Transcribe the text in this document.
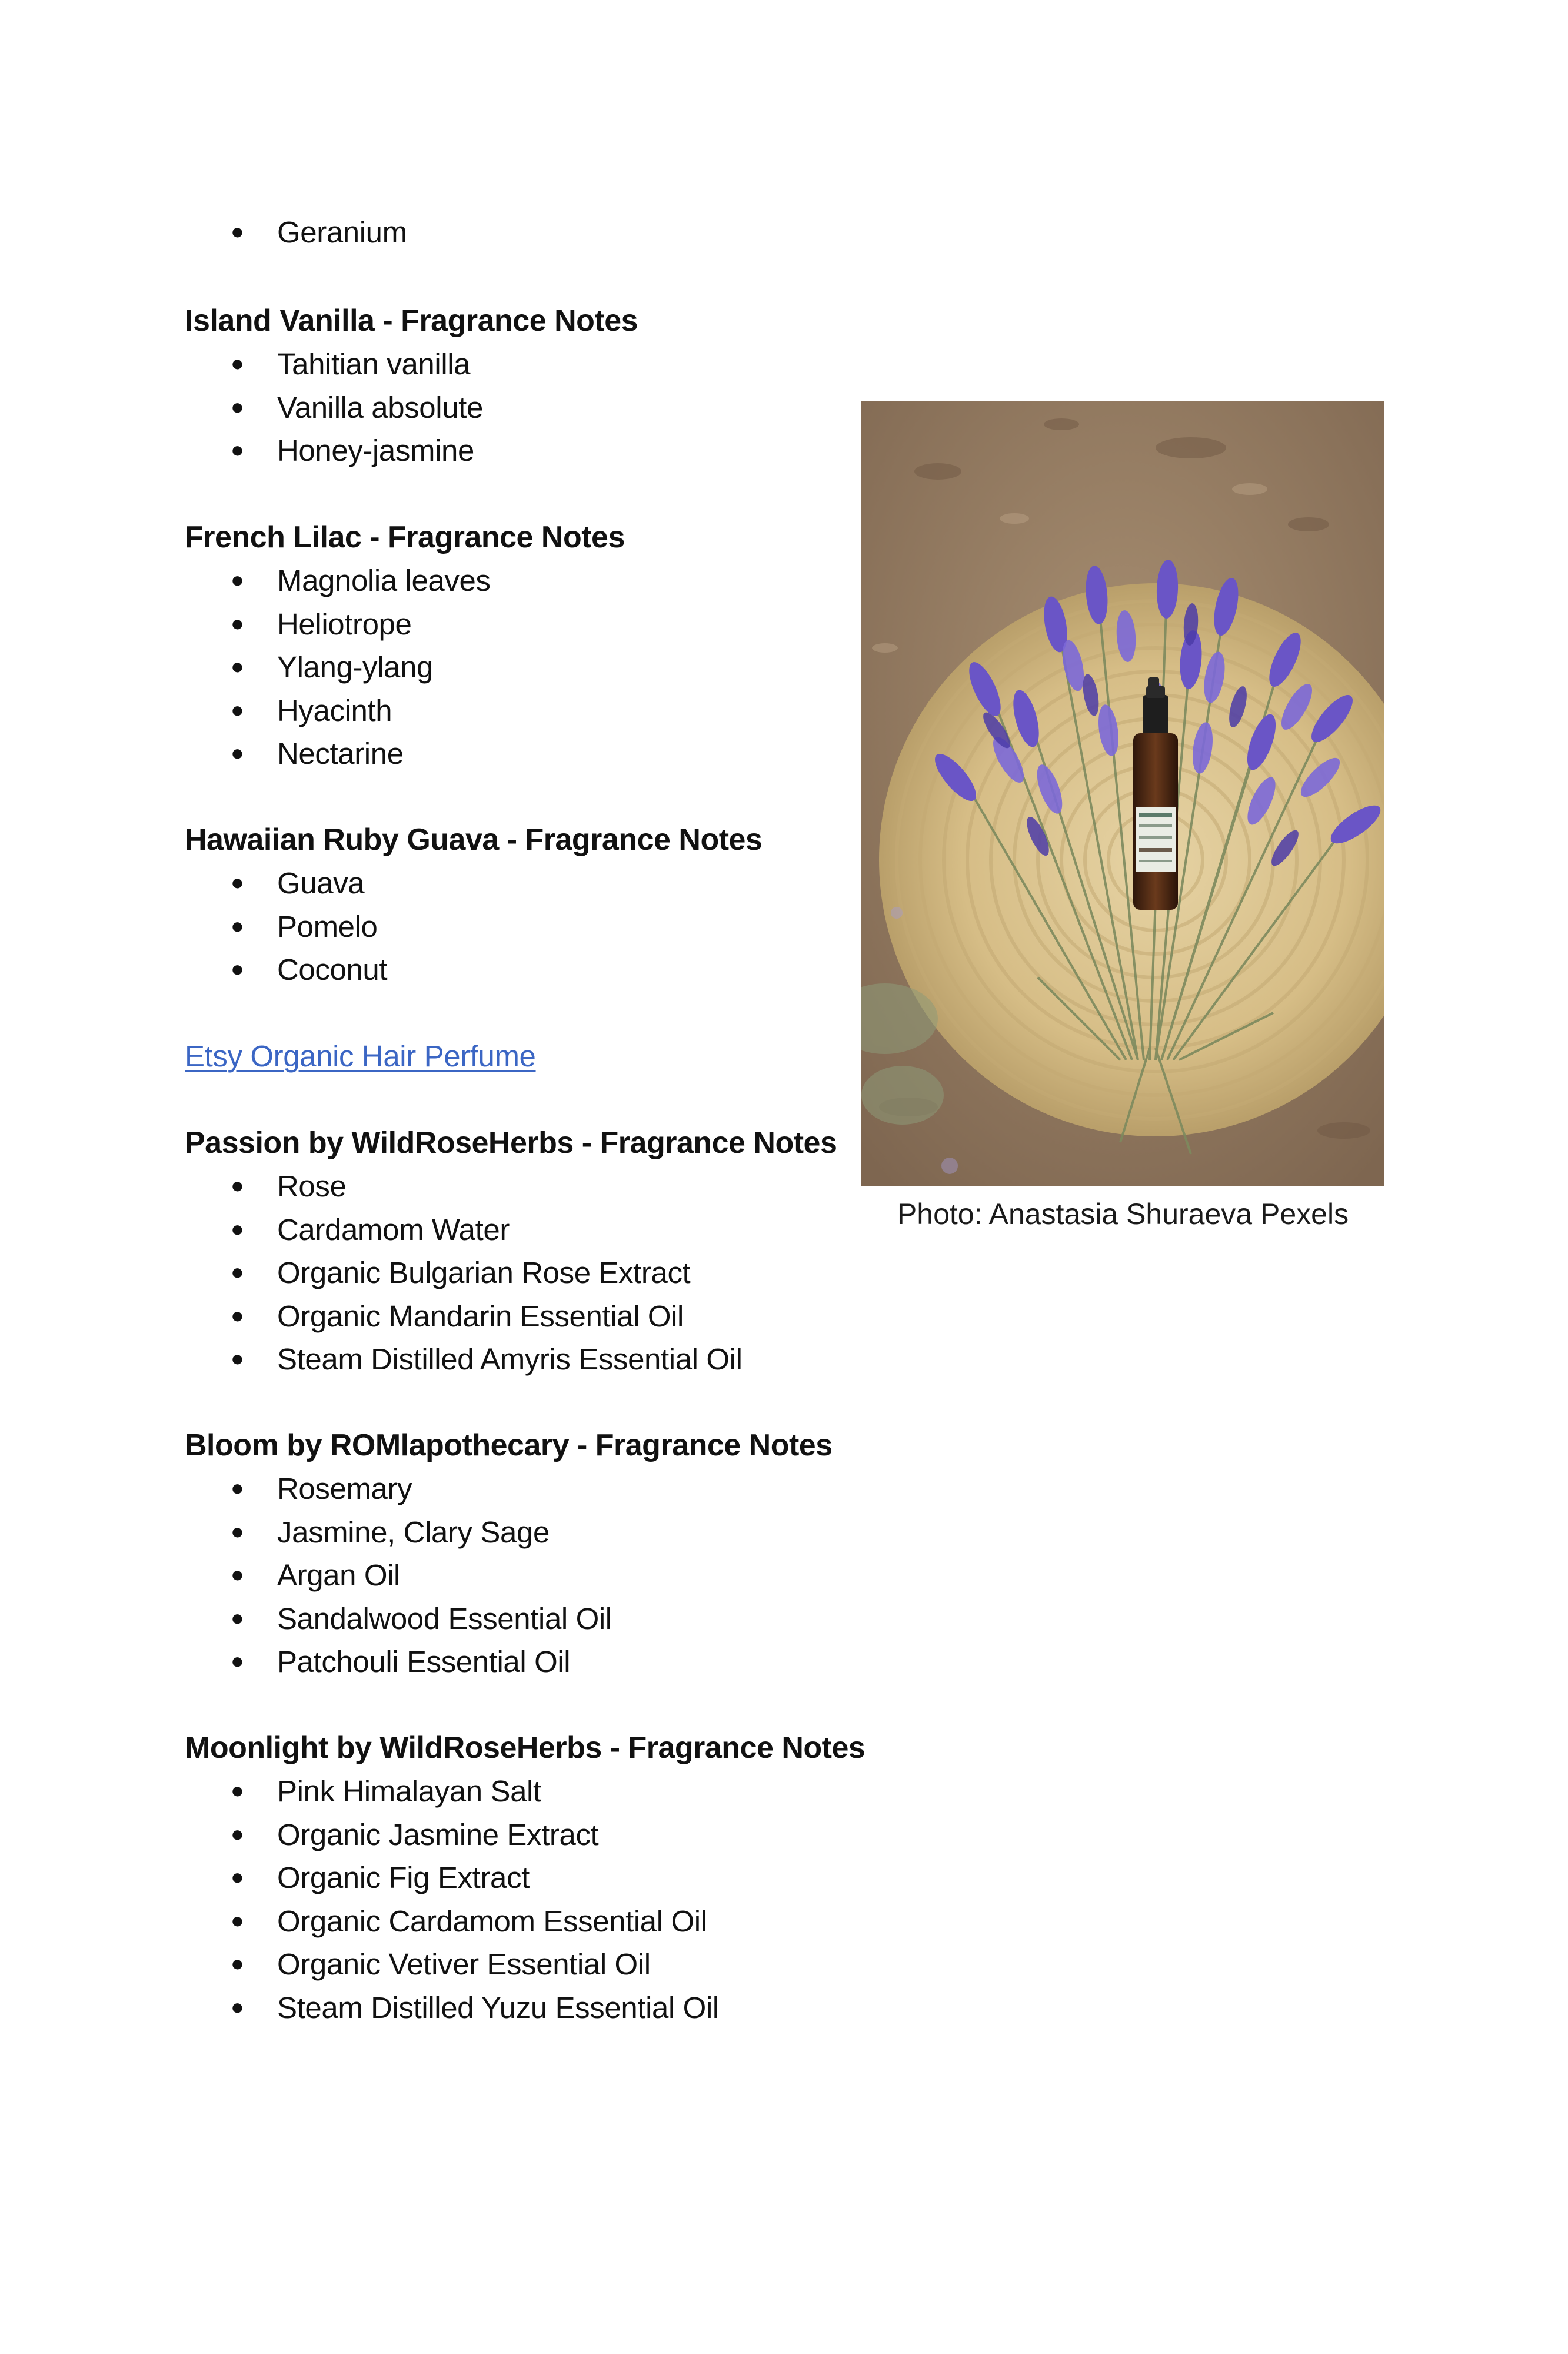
● Geranium
Island Vanilla - Fragrance Notes
● Tahitian vanilla
● Vanilla absolute
● Honey-jasmine
French Lilac - Fragrance Notes
● Magnolia leaves
● Heliotrope
● Ylang-ylang
● Hyacinth
● Nectarine
Hawaiian Ruby Guava - Fragrance Notes
● Guava
● Pomelo
● Coconut
Etsy Organic Hair Perfume
Passion by WildRoseHerbs - Fragrance Notes
● Rose
● Cardamom Water
● Organic Bulgarian Rose Extract
● Organic Mandarin Essential Oil
● Steam Distilled Amyris Essential Oil
Bloom by ROMlapothecary - Fragrance Notes
● Rosemary
● Jasmine, Clary Sage
● Argan Oil
● Sandalwood Essential Oil
● Patchouli Essential Oil
Moonlight by WildRoseHerbs - Fragrance Notes
● Pink Himalayan Salt
● Organic Jasmine Extract
● Organic Fig Extract
● Organic Cardamom Essential Oil
● Organic Vetiver Essential Oil
● Steam Distilled Yuzu Essential Oil
Photo: Anastasia Shuraeva Pexels
